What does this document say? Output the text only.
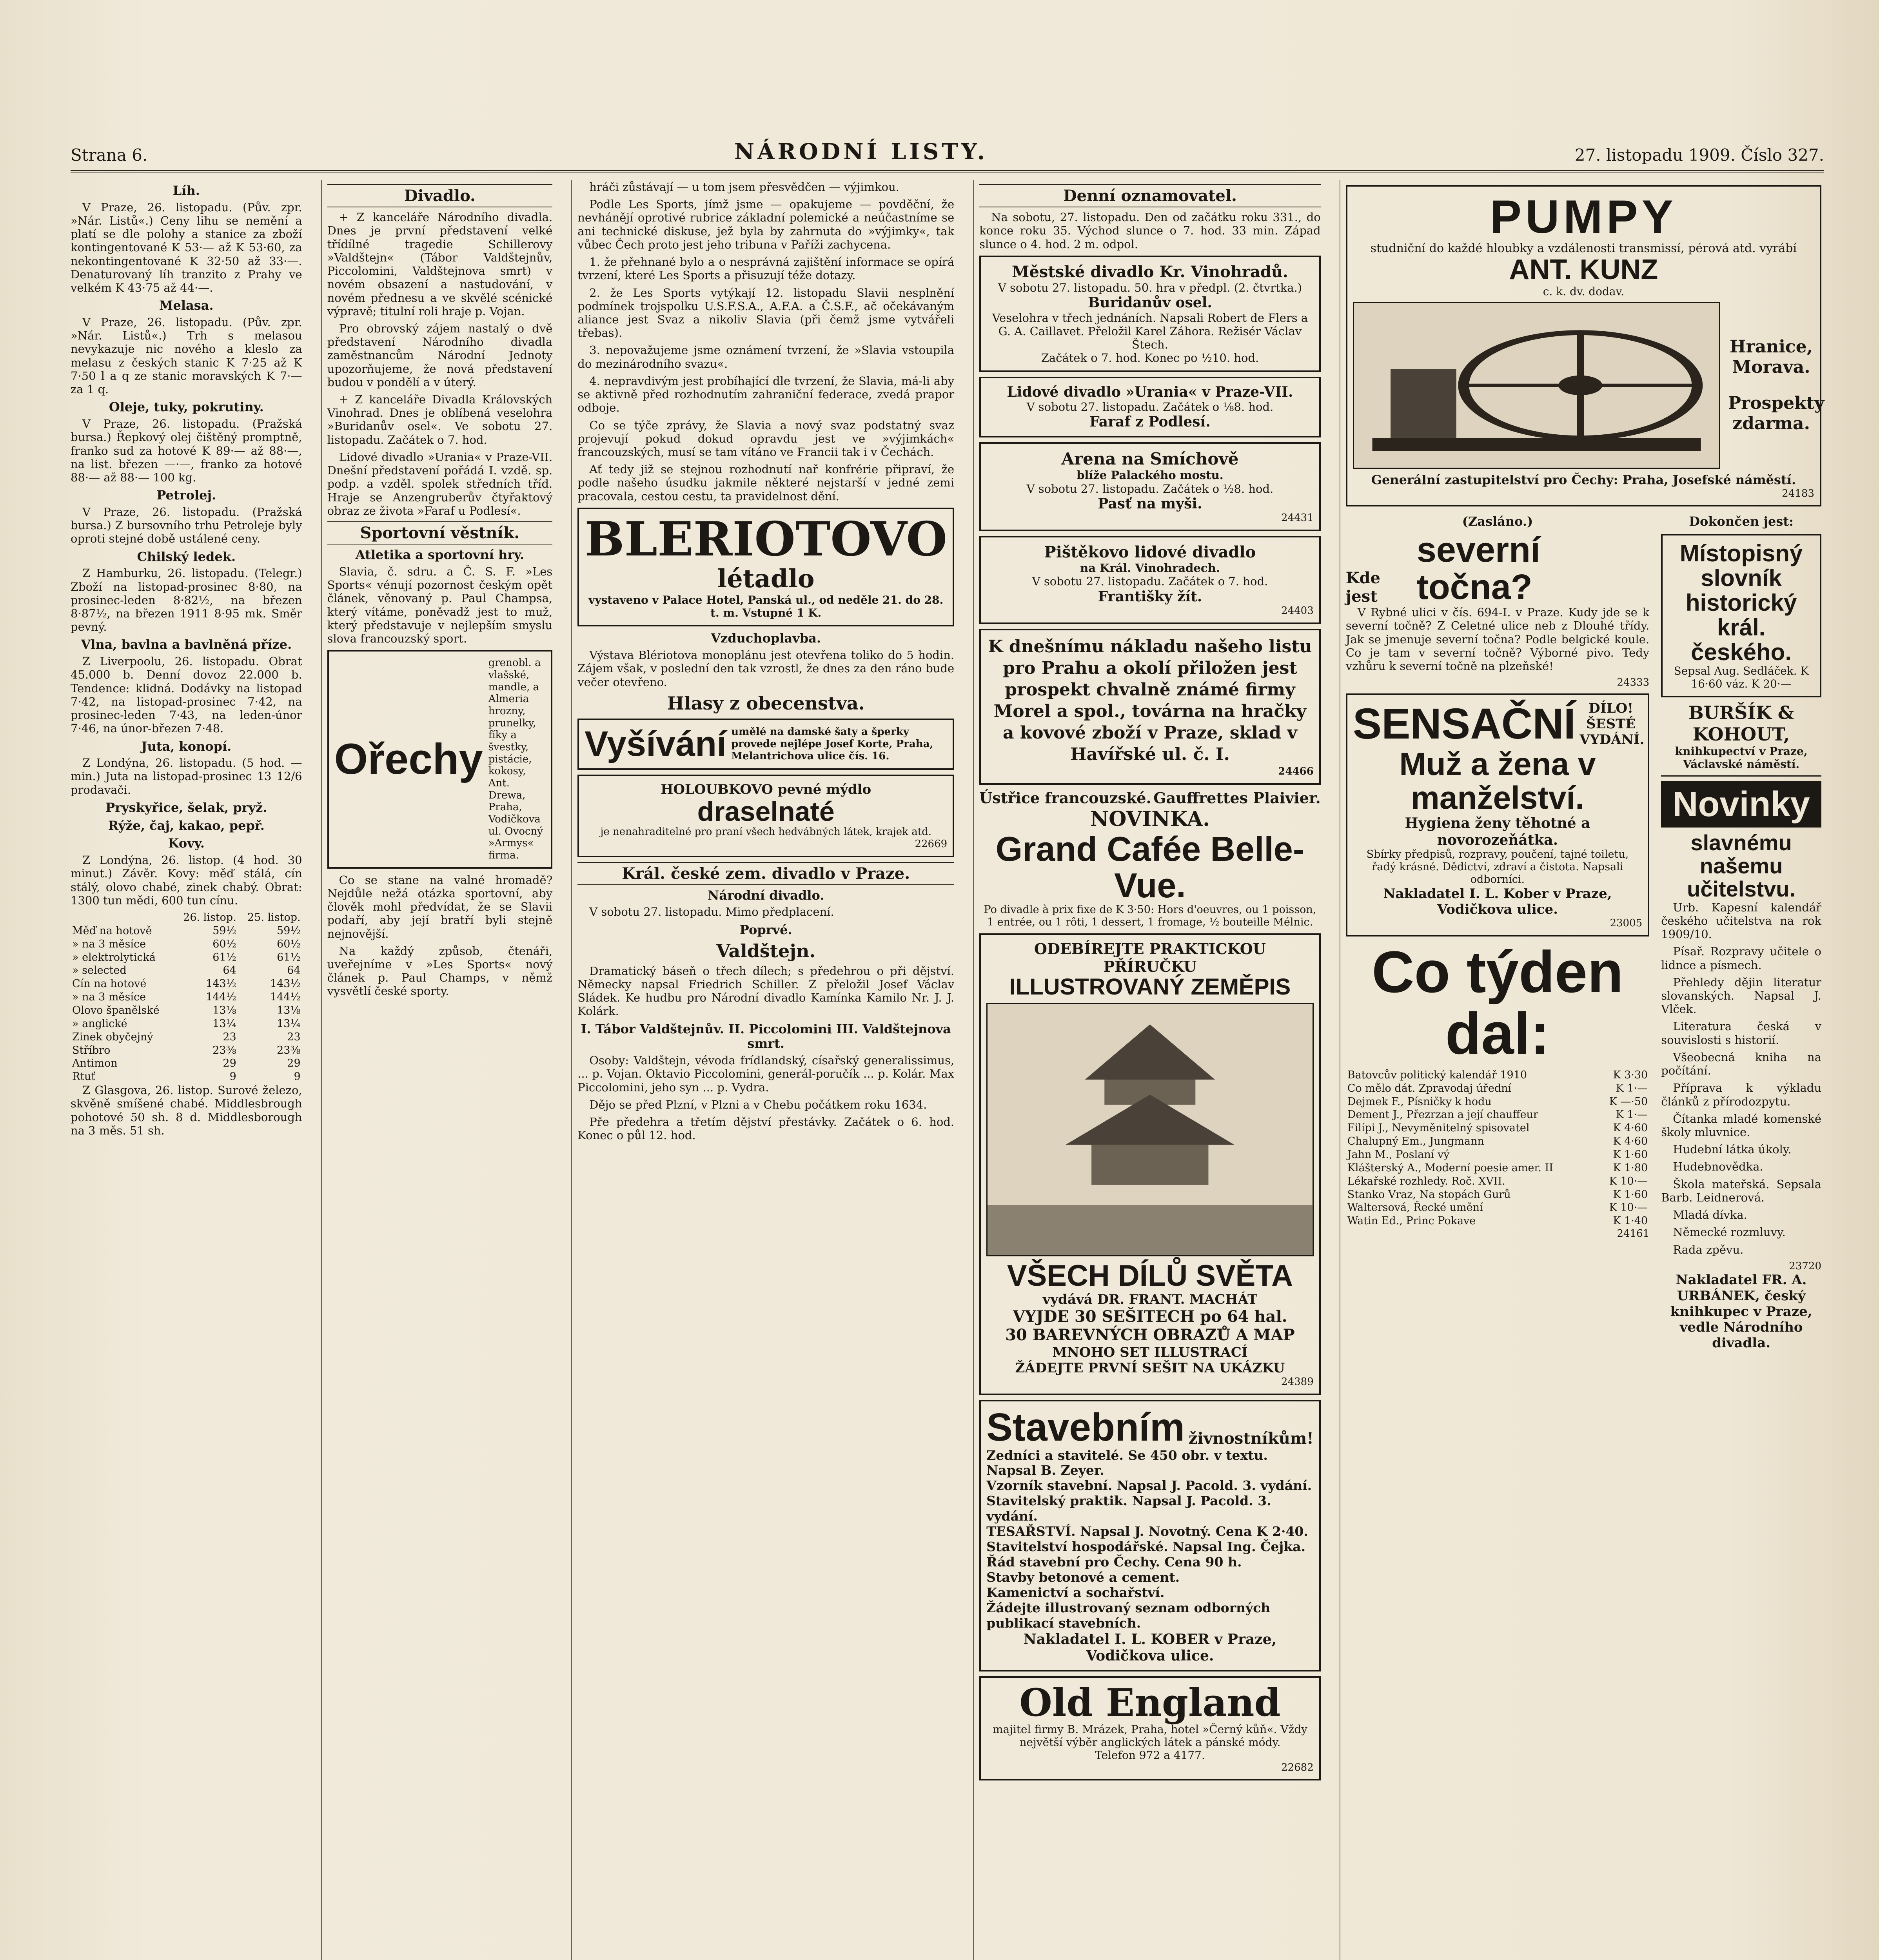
Strana 6.	NÁRODNÍ LISTY.	27. listopadu 1909. Číslo 327.
Líh.

V Praze, 26. listopadu. (Pův. zpr. »Nár. Listů«.) Ceny lihu se nemění a platí se dle polohy a stanice za zboží kontingentované K 53·— až K 53·60, za nekontingentované K 32·50 až 33·—. Denaturovaný líh tranzito z Prahy ve velkém K 43·75 až 44·—.

Melasa.

V Praze, 26. listopadu. (Pův. zpr. »Nár. Listů«.) Trh s melasou nevykazuje nic nového a kleslo za melasu z českých stanic K 7·25 až K 7·50 l a q ze stanic moravských K 7·— za 1 q.

Oleje, tuky, pokrutiny.

V Praze, 26. listopadu. (Pražská bursa.) Řepkový olej čištěný promptně, franko sud za hotové K 89·— až 88·—, na list. březen —·—, franko za hotové 88·— až 88·— 100 kg.

Petrolej.

V Praze, 26. listopadu. (Pražská bursa.) Z bursovního trhu Petroleje byly oproti stejné době ustálené ceny.

Chilský ledek.

Z Hamburku, 26. listopadu. (Telegr.) Zboží na listopad-prosinec 8·80, na prosinec-leden 8·82½, na březen 8·87½, na březen 1911 8·95 mk. Směr pevný.

Vlna, bavlna a bavlněná příze.

Z Liverpoolu, 26. listopadu. Obrat 45.000 b. Denní dovoz 22.000 b. Tendence: klidná. Dodávky na listopad 7·42, na listopad-prosinec 7·42, na prosinec-leden 7·43, na leden-únor 7·46, na únor-březen 7·48.

Juta, konopí.

Z Londýna, 26. listopadu. (5 hod. —min.) Juta na listopad-prosinec 13 12/6 prodavači.

Pryskyřice, šelak, pryž.
Rýže, čaj, kakao, pepř.
Kovy.

Z Londýna, 26. listop. (4 hod. 30 minut.) Závěr. Kovy: měď stálá, cín stálý, olovo chabé, zinek chabý. Obrat: 1300 tun mědi, 600 tun cínu.

	26. listop.	25. listop.
Měď na hotově	59½	59½
» na 3 měsíce	60½	60½
» elektrolytická	61½	61½
» selected	64	64
Cín na hotové	143½	143½
» na 3 měsíce	144½	144½
Olovo španělské	13⅛	13⅛
» anglické	13¼	13¼
Zinek obyčejný	23	23
Stříbro	23⅜	23⅜
Antimon	29	29
Rtuť	9	9

Z Glasgova, 26. listop. Surové železo, skvěně smíšené chabé. Middlesbrough pohotové 50 sh. 8 d. Middlesborough na 3 měs. 51 sh.

Divadlo.

+ Z kanceláře Národního divadla. Dnes je první představení velké třídílné tragedie Schillerovy »Valdštejn« (Tábor Valdštejnův, Piccolomini, Valdštejnova smrt) v novém obsazení a nastudování, v novém přednesu a ve skvělé scénické výpravě; titulní roli hraje p. Vojan.

Pro obrovský zájem nastalý o dvě představení Národního divadla zaměstnancům Národní Jednoty upozorňujeme, že nová představení budou v pondělí a v úterý.

+ Z kanceláře Divadla Královských Vinohrad. Dnes je oblíbená veselohra »Buridanův osel«. Ve sobotu 27. listopadu. Začátek o 7. hod.

Lidové divadlo »Urania« v Praze-VII. Dnešní představení pořádá I. vzdě. sp. podp. a vzděl. spolek středních tříd. Hraje se Anzengruberův čtyřaktový obraz ze života »Faraf u Podlesí«.

Sportovní věstník.
Atletika a sportovní hry.

Slavia, č. sdru. a Č. S. F. »Les Sports« vénují pozornost českým opět článek, věnovaný p. Paul Champsa, který vítáme, poněvadž jest to muž, který představuje v nejlepším smyslu slova francouzský sport.

Ořechy
grenobl. a vlašské, mandle, a Almeria hrozny, prunelky, fíky a švestky, pistácie, kokosy, Ant. Drewa, Praha, Vodičkova ul. Ovocný »Armys« firma.

Co se stane na valné hromadě? Nejdůle nežá otázka sportovní, aby člověk mohl předvídat, že se Slavii podaří, aby její bratří byli stejně nejnovější.

Na každý způsob, čtenáři, uveřejníme v »Les Sports« nový článek p. Paul Champs, v němž vysvětlí české sporty.

hráči zůstávají — u tom jsem přesvědčen — výjimkou.

Podle Les Sports, jímž jsme — opakujeme — povděční, že nevhánějí oprotivé rubrice základní polemické a neúčastníme se ani technické diskuse, jež byla by zahrnuta do »výjimky«, tak vůbec Čech proto jest jeho tribuna v Paříži zachycena.

1. že přehnané bylo a o nesprávná zajištění informace se opírá tvrzení, které Les Sports a přisuzují téže dotazy.

2. že Les Sports vytýkají 12. listopadu Slavii nesplnění podmínek trojspolku U.S.F.S.A., A.F.A. a Č.S.F., ač očekávaným aliance jest Svaz a nikoliv Slavia (při čemž jsme vytvářeli třebas).

3. nepovažujeme jsme oznámení tvrzení, že »Slavia vstoupila do mezinárodního svazu«.

4. nepravdivým jest probíhající dle tvrzení, že Slavia, má-li aby se aktivně před rozhodnutím zahraniční federace, zvedá prapor odboje.

Co se týče zprávy, že Slavia a nový svaz podstatný svaz projevují pokud dokud opravdu jest ve »výjimkách« francouzských, musí se tam vítáno ve Francii tak i v Čechách.

Ať tedy již se stejnou rozhodnutí nař konfrérie připraví, že podle našeho úsudku jakmile některé nejstarší v jedné zemi pracovala, cestou cestu, ta pravidelnost dění.

BLERIOTOVO
létadlo
vystaveno v Palace Hotel, Panská ul., od neděle 21. do 28. t. m. Vstupné 1 K.
Vzduchoplavba.

Výstava Blériotova monoplánu jest otevřena toliko do 5 hodin. Zájem však, v poslední den tak vzrostl, že dnes za den ráno bude večer otevřeno.

Hlasy z obecenstva.
Vyšívání umělé na damské šaty a šperky provede nejlépe Josef Korte, Praha, Melantrichova ulice čís. 16.
HOLOUBKOVO pevné mýdlo
draselnaté
je nenahraditelné pro praní všech hedvábných látek, krajek atd.
22669
Král. české zem. divadlo v Praze.
Národní divadlo.

V sobotu 27. listopadu. Mimo předplacení.

Poprvé.
Valdštejn.

Dramatický báseň o třech dílech; s předehrou o při dějství. Německy napsal Friedrich Schiller. Z přeložil Josef Václav Sládek. Ke hudbu pro Národní divadlo Kamínka Kamilo Nr. J. J. Kolárk.

I. Tábor Valdštejnův. II. Piccolomini III. Valdštejnova smrt.

Osoby: Valdštejn, vévoda frídlandský, císařský generalissimus, ... p. Vojan. Oktavio Piccolomini, generál-poručík ... p. Kolár. Max Piccolomini, jeho syn ... p. Vydra.

Dějo se před Plzní, v Plzni a v Chebu počátkem roku 1634.

Pře předehra a třetím dějství přestávky. Začátek o 6. hod. Konec o půl 12. hod.

Denní oznamovatel.

Na sobotu, 27. listopadu. Den od začátku roku 331., do konce roku 35. Východ slunce o 7. hod. 33 min. Západ slunce o 4. hod. 2 m. odpol.

Městské divadlo Kr. Vinohradů.
V sobotu 27. listopadu. 50. hra v předpl. (2. čtvrtka.)
Buridanův osel.
Veselohra v třech jednáních. Napsali Robert de Flers a G. A. Caillavet. Přeložil Karel Záhora. Režisér Václav Štech.
Začátek o 7. hod. Konec po ½10. hod.
Lidové divadlo »Urania« v Praze-VII.
V sobotu 27. listopadu. Začátek o ⅛8. hod.
Faraf z Podlesí.
Arena na Smíchově
blíže Palackého mostu.
V sobotu 27. listopadu. Začátek o ½8. hod.
Pasť na myši.
24431
Pištěkovo lidové divadlo
na Král. Vinohradech.
V sobotu 27. listopadu. Začátek o 7. hod.
Františky žít.
24403
K dnešnímu nákladu našeho listu pro Prahu a okolí přiložen jest prospekt chvalně známé firmy Morel a spol., továrna na hračky a kovové zboží v Praze, sklad v Havířské ul. č. I.
24466
Ústřice francouzské. Gauffrettes Plaivier.
NOVINKA.
Grand Cafée Belle-Vue.
Po divadle à prix fixe de K 3·50: Hors d'oeuvres, ou 1 poisson, 1 entrée, ou 1 rôti, 1 dessert, 1 fromage, ½ bouteille Mélnic.
ODEBÍREJTE PRAKTICKOU PŘÍRUČKU
ILLUSTROVANÝ ZEMĚPIS
VŠECH DÍLŮ SVĚTA
vydává DR. FRANT. MACHÁT
VYJDE 30 SEŠITECH po 64 hal.
30 BAREVNÝCH OBRAZŮ A MAP
MNOHO SET ILLUSTRACÍ
ŽÁDEJTE PRVNÍ SEŠIT NA UKÁZKU
24389
Stavebním živnostníkům!
Zedníci a stavitelé. Se 450 obr. v textu. Napsal B. Zeyer.
Vzorník stavební. Napsal J. Pacold. 3. vydání.
Stavitelský praktik. Napsal J. Pacold. 3. vydání.
TESAŘSTVÍ. Napsal J. Novotný. Cena K 2·40.
Stavitelství hospodářské. Napsal Ing. Čejka.
Řád stavební pro Čechy. Cena 90 h.
Stavby betonové a cement.
Kamenictví a sochařství.
Žádejte illustrovaný seznam odborných publikací stavebních.
Nakladatel I. L. KOBER v Praze, Vodičkova ulice.
Old England
majitel firmy B. Mrázek, Praha, hotel »Černý kůň«. Vždy největší výběr anglických látek a pánské módy.
Telefon 972 a 4177.
22682
PUMPY
studniční do každé hloubky a vzdálenosti transmissí, pérová atd. vyrábí
ANT. KUNZ
c. k. dv. dodav.
Hranice, Morava.
Prospekty zdarma.
Generální zastupitelství pro Čechy: Praha, Josefské náměstí.
24183
(Zasláno.)
Kde jest
severní točna?

V Rybné ulici v čís. 694-I. v Praze. Kudy jde se k severní točně? Z Celetné ulice neb z Dlouhé třídy. Jak se jmenuje severní točna? Podle belgické koule. Co je tam v severní točně? Výborné pivo. Tedy vzhůru k severní točně na plzeňské!

24333
SENSAČNÍ DÍLO! ŠESTÉ VYDÁNÍ.
Muž a žena v manželství.
Hygiena ženy těhotné a novorozeňátka.
Sbírky předpisů, rozpravy, poučení, tajné toiletu, řadý krásné. Dědictví, zdraví a čistota. Napsali odborníci.
Nakladatel I. L. Kober v Praze, Vodičkova ulice.
23005
Co týden dal:
Batovcův politický kalendář 1910	K 3·30
Co mělo dát. Zpravodaj úřední	K 1·—
Dejmek F., Písničky k hodu	K —·50
Dement J., Přezrzan a její chauffeur	K 1·—
Filípi J., Nevyměnitelný spisovatel	K 4·60
Chalupný Em., Jungmann	K 4·60
Jahn M., Poslaní vý	K 1·60
Klášterský A., Moderní poesie amer. II	K 1·80
Lékařské rozhledy. Roč. XVII.	K 10·—
Stanko Vraz, Na stopách Gurů	K 1·60
Waltersová, Řecké umění	K 10·—
Watin Ed., Princ Pokave	K 1·40
24161
Dokončen jest:
Místopisný slovník historický král. českého.
Sepsal Aug. Sedláček. K 16·60 váz. K 20·—
BURŠÍK & KOHOUT,
knihkupectví v Praze, Václavské náměstí.
Novinky
slavnému našemu učitelstvu.

Urb. Kapesní kalendář českého učitelstva na rok 1909/10.

Písař. Rozpravy učitele o lidnce a písmech.

Přehledy dějin literatur slovanských. Napsal J. Vlček.

Literatura česká v souvislosti s historií.

Všeobecná kniha na počítání.

Příprava k výkladu článků z přírodozpytu.

Čítanka mladé komenské školy mluvnice.

Hudební látka úkoly.

Hudebnovědka.

Škola mateřská. Sepsala Barb. Leidnerová.

Mladá dívka.

Německé rozmluvy.

Rada zpěvu.

23720
Nakladatel FR. A. URBÁNEK, český knihkupec v Praze, vedle Národního divadla.
